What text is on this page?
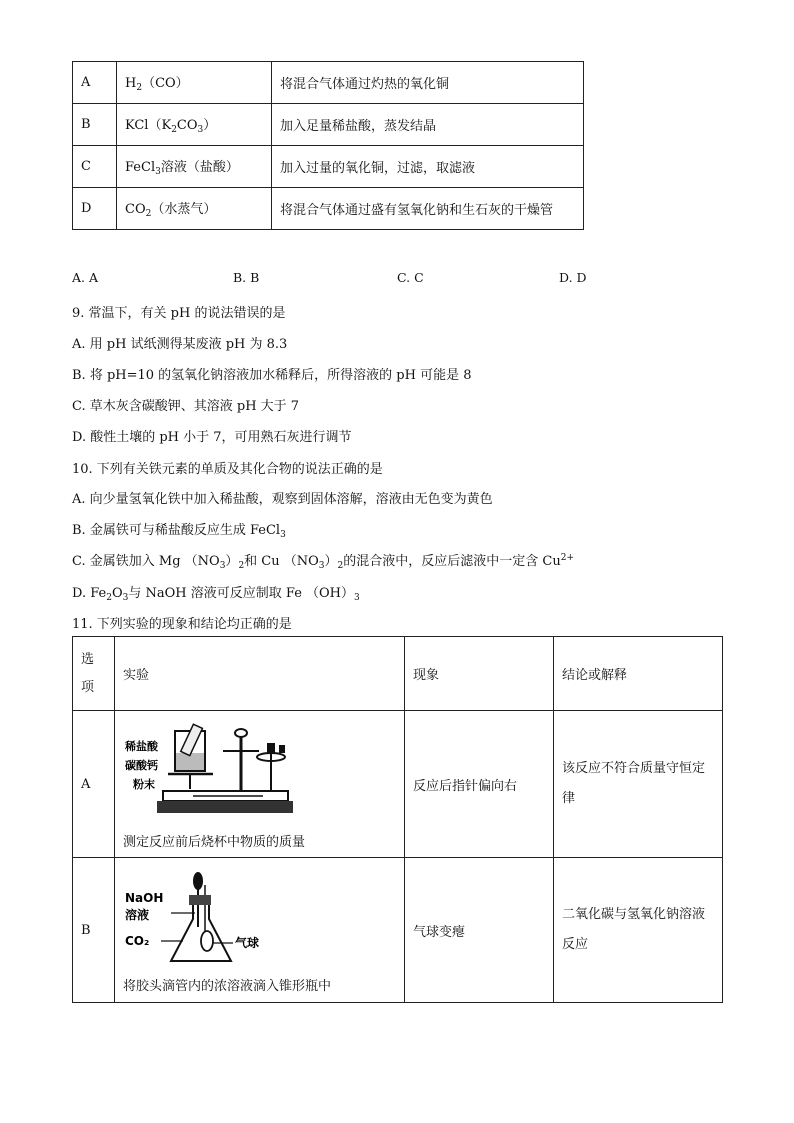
A	$H_2(CO)$	将混合气体通过灼热的氧化铜
B	$KCl(K_2CO_3)$	加入足量稀盐酸，蒸发结晶
C	FeCl$_3$溶液（盐酸）	加入过量的氧化铜，过滤，取滤液
D	$CO_2$（水蒸气）	将混合气体通过盛有氢氧化钠和生石灰的干燥管
A. A	B. B	C. C	D. D
9. 常温下，有关 pH 的说法错误的是
A. 用 pH 试纸测得某废液 pH 为 8.3
B. 将 pH=10 的氢氧化钠溶液加水稀释后，所得溶液的 pH 可能是 8
C. 草木灰含碳酸钾、其溶液 pH 大于 7
D. 酸性土壤的 pH 小于 7，可用熟石灰进行调节
10. 下列有关铁元素的单质及其化合物的说法正确的是
A. 向少量氢氧化铁中加入稀盐酸，观察到固体溶解，溶液由无色变为黄色
B. 金属铁可与稀盐酸反应生成 FeCl$_3$
C. 金属铁加入 Mg $(NO_3)_2$和 Cu $(NO_3)_2$的混合液中，反应后滤液中一定含 $Cu^{2+}$
D. $Fe_2O_3$与 NaOH 溶液可反应制取 Fe $(OH)_3$
11. 下列实验的现象和结论均正确的是
选项	实验	现象	结论或解释
A	稀盐酸
碳酸钙
粉末
测定反应前后烧杯中物质的质量	反应后指针偏向右	该反应不符合质量守恒定律

B	NaOH
溶液
CO₂ 气球
将胶头滴管内的浓溶液滴入锥形瓶中	气球变瘪	二氧化碳与氢氧化钠溶液反应
